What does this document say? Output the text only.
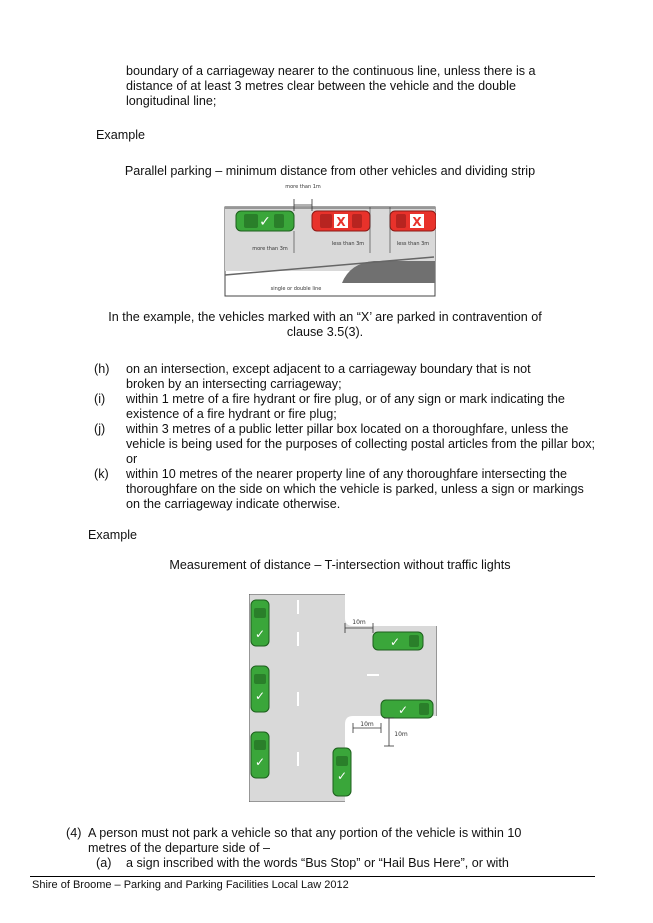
boundary of a carriageway nearer to the continuous line, unless there is a distance of at least 3 metres clear between the vehicle and the double longitudinal line;
Example
Parallel parking – minimum distance from other vehicles and dividing strip
✓	X	X
more than 1m
more than 3m
less than 3m	less than 3m
single or double line
In the example, the vehicles marked with an “X’ are parked in contravention of clause 3.5(3).
(h)	on an intersection, except adjacent to a carriageway boundary that is not broken by an intersecting carriageway;
(i)	within 1 metre of a fire hydrant or fire plug, or of any sign or mark indicating the existence of a fire hydrant or fire plug;
(j)	within 3 metres of a public letter pillar box located on a thoroughfare, unless the vehicle is being used for the purposes of collecting postal articles from the pillar box; or
(k)	within 10 metres of the nearer property line of any thoroughfare intersecting the thoroughfare on the side on which the vehicle is parked, unless a sign or markings on the carriageway indicate otherwise.
Example
Measurement of distance – T-intersection without traffic lights
✓
✓
✓
✓
✓
✓
10m
10m
10m
(4) A person must not park a vehicle so that any portion of the vehicle is within 10 metres of the departure side of –
(a) a sign inscribed with the words “Bus Stop” or “Hail Bus Here”, or with
Shire of Broome – Parking and Parking Facilities Local Law 2012
